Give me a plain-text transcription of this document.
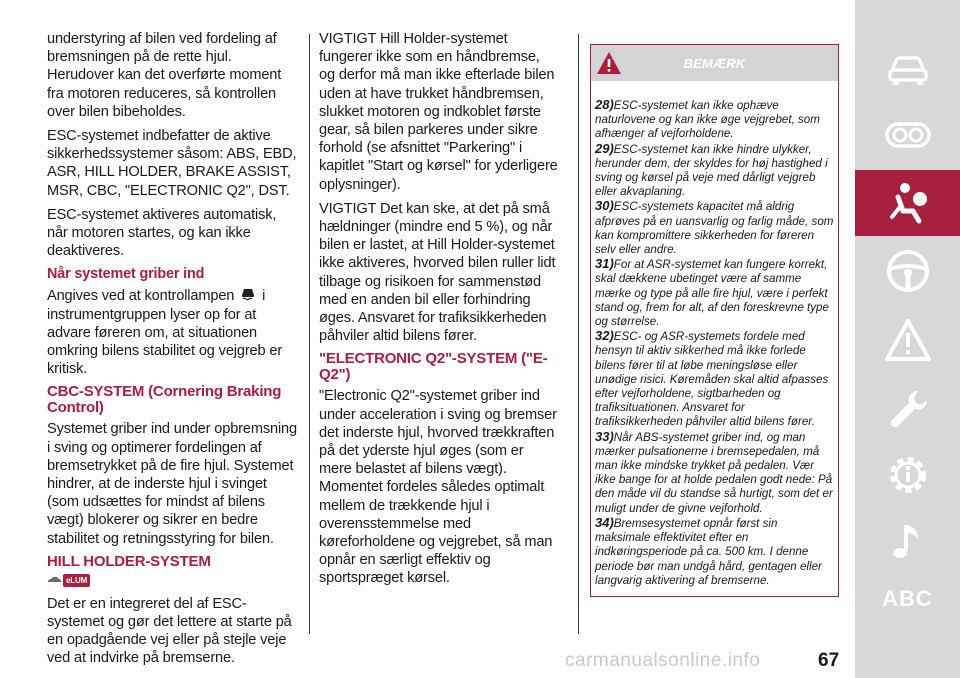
understyring af bilen ved fordeling af bremsningen på de rette hjul. Herudover kan det overførte moment fra motoren reduceres, så kontrollen over bilen bibeholdes.

ESC-systemet indbefatter de aktive sikkerhedssystemer såsom: ABS, EBD, ASR, HILL HOLDER, BRAKE ASSIST, MSR, CBC, "ELECTRONIC Q2", DST.

ESC-systemet aktiveres automatisk, når motoren startes, og kan ikke deaktiveres.

Når systemet griber ind

Angives ved at kontrollampen i instrumentgruppen lyser op for at advare føreren om, at situationen omkring bilens stabilitet og vejgreb er kritisk.

CBC-SYSTEM (Cornering Braking Control)

Systemet griber ind under opbremsning i sving og optimerer fordelingen af bremsetrykket på de fire hjul. Systemet hindrer, at de inderste hjul i svinget (som udsættes for mindst af bilens vægt) blokerer og sikrer en bedre stabilitet og retningsstyring for bilen.

HILL HOLDER-SYSTEM
eLUM

Det er en integreret del af ESC-systemet og gør det lettere at starte på en opadgående vej eller på stejle veje ved at indvirke på bremserne.

VIGTIGT Hill Holder-systemet fungerer ikke som en håndbremse, og derfor må man ikke efterlade bilen uden at have trukket håndbremsen, slukket motoren og indkoblet første gear, så bilen parkeres under sikre forhold (se afsnittet "Parkering" i kapitlet "Start og kørsel" for yderligere oplysninger).

VIGTIGT Det kan ske, at det på små hældninger (mindre end 5 %), og når bilen er lastet, at Hill Holder-systemet ikke aktiveres, hvorved bilen ruller lidt tilbage og risikoen for sammenstød med en anden bil eller forhindring øges. Ansvaret for trafiksikkerheden påhviler altid bilens fører.

"ELECTRONIC Q2"-SYSTEM ("E-Q2")

"Electronic Q2"-systemet griber ind under acceleration i sving og bremser det inderste hjul, hvorved trækkraften på det yderste hjul øges (som er mere belastet af bilens vægt). Momentet fordeles således optimalt mellem de trækkende hjul i overensstemmelse med køreforholdene og vejgrebet, så man opnår en særligt effektiv og sportspræget kørsel.

BEMÆRK
28)ESC-systemet kan ikke ophæve naturlovene og kan ikke øge vejgrebet, som afhænger af vejforholdene.
29)ESC-systemet kan ikke hindre ulykker, herunder dem, der skyldes for høj hastighed i sving og kørsel på veje med dårligt vejgreb eller akvaplaning.
30)ESC-systemets kapacitet må aldrig afprøves på en uansvarlig og farlig måde, som kan kompromittere sikkerheden for føreren selv eller andre.
31)For at ASR-systemet kan fungere korrekt, skal dækkene ubetinget være af samme mærke og type på alle fire hjul, være i perfekt stand og, frem for alt, af den foreskrevne type og størrelse.
32)ESC- og ASR-systemets fordele med hensyn til aktiv sikkerhed må ikke forlede bilens fører til at løbe meningsløse eller unødige risici. Køremåden skal altid afpasses efter vejforholdene, sigtbarheden og trafiksituationen. Ansvaret for trafiksikkerheden påhviler altid bilens fører.
33)Når ABS-systemet griber ind, og man mærker pulsationerne i bremsepedalen, må man ikke mindske trykket på pedalen. Vær ikke bange for at holde pedalen godt nede: På den måde vil du standse så hurtigt, som det er muligt under de givne vejforhold.
34)Bremsesystemet opnår først sin maksimale effektivitet efter en indkøringsperiode på ca. 500 km. I denne periode bør man undgå hård, gentagen eller langvarig aktivering af bremserne.
ABC
carmanualsonline.info	67
